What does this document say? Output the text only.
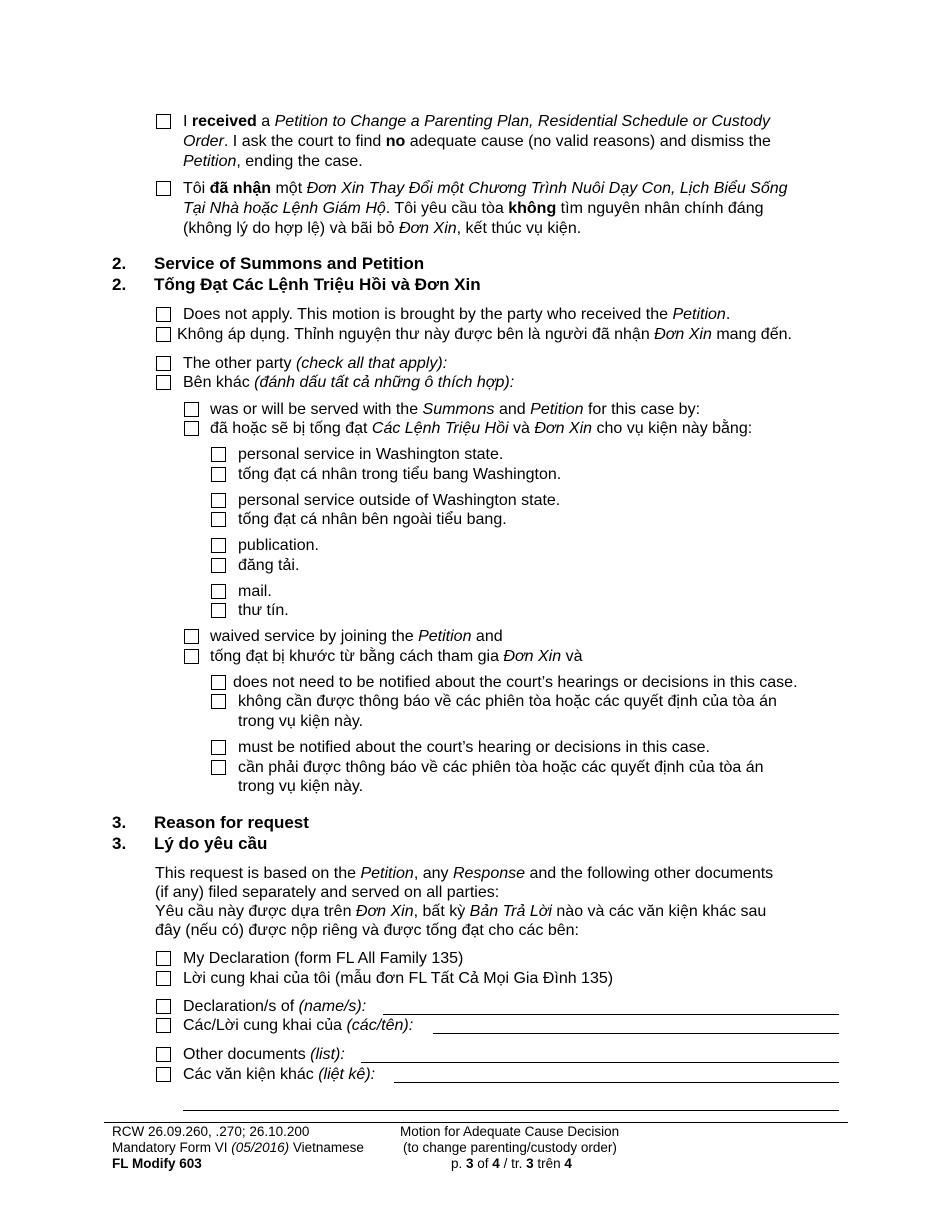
I received a Petition to Change a Parenting Plan, Residential Schedule or Custody
Order. I ask the court to find no adequate cause (no valid reasons) and dismiss the
Petition, ending the case.
Tôi đã nhận một Đơn Xin Thay Đổi một Chương Trình Nuôi Dạy Con, Lịch Biểu Sống
Tại Nhà hoặc Lệnh Giám Hộ. Tôi yêu cầu tòa không tìm nguyên nhân chính đáng
(không lý do hợp lệ) và bãi bỏ Đơn Xin, kết thúc vụ kiện.
2. Service of Summons and Petition
2. Tống Đạt Các Lệnh Triệu Hồi và Đơn Xin
Does not apply. This motion is brought by the party who received the Petition.
Không áp dụng. Thỉnh nguyện thư này được bên là người đã nhận Đơn Xin mang đến.
The other party (check all that apply):
Bên khác (đánh dấu tất cả những ô thích hợp):
was or will be served with the Summons and Petition for this case by:
đã hoặc sẽ bị tống đạt Các Lệnh Triệu Hồi và Đơn Xin cho vụ kiện này bằng:
personal service in Washington state.
tống đạt cá nhân trong tiểu bang Washington.
personal service outside of Washington state.
tống đạt cá nhân bên ngoài tiểu bang.
publication.
đăng tải.
mail.
thư tín.
waived service by joining the Petition and
tống đạt bị khước từ bằng cách tham gia Đơn Xin và
does not need to be notified about the court’s hearings or decisions in this case.
không cần được thông báo về các phiên tòa hoặc các quyết định của tòa án
trong vụ kiện này.
must be notified about the court’s hearing or decisions in this case.
cần phải được thông báo về các phiên tòa hoặc các quyết định của tòa án
trong vụ kiện này.
3. Reason for request
3. Lý do yêu cầu
This request is based on the Petition, any Response and the following other documents
(if any) filed separately and served on all parties:
Yêu cầu này được dựa trên Đơn Xin, bất kỳ Bản Trả Lời nào và các văn kiện khác sau
đây (nếu có) được nộp riêng và được tống đạt cho các bên:
My Declaration (form FL All Family 135)
Lời cung khai của tôi (mẫu đơn FL Tất Cả Mọi Gia Đình 135)
Declaration/s of (name/s):
Các/Lời cung khai của (các/tên):
Other documents (list):
Các văn kiện khác (liệt kê):
RCW 26.09.260, .270; 26.10.200
Mandatory Form VI (05/2016) Vietnamese
FL Modify 603
Motion for Adequate Cause Decision
(to change parenting/custody order)
p. 3 of 4 / tr. 3 trên 4
